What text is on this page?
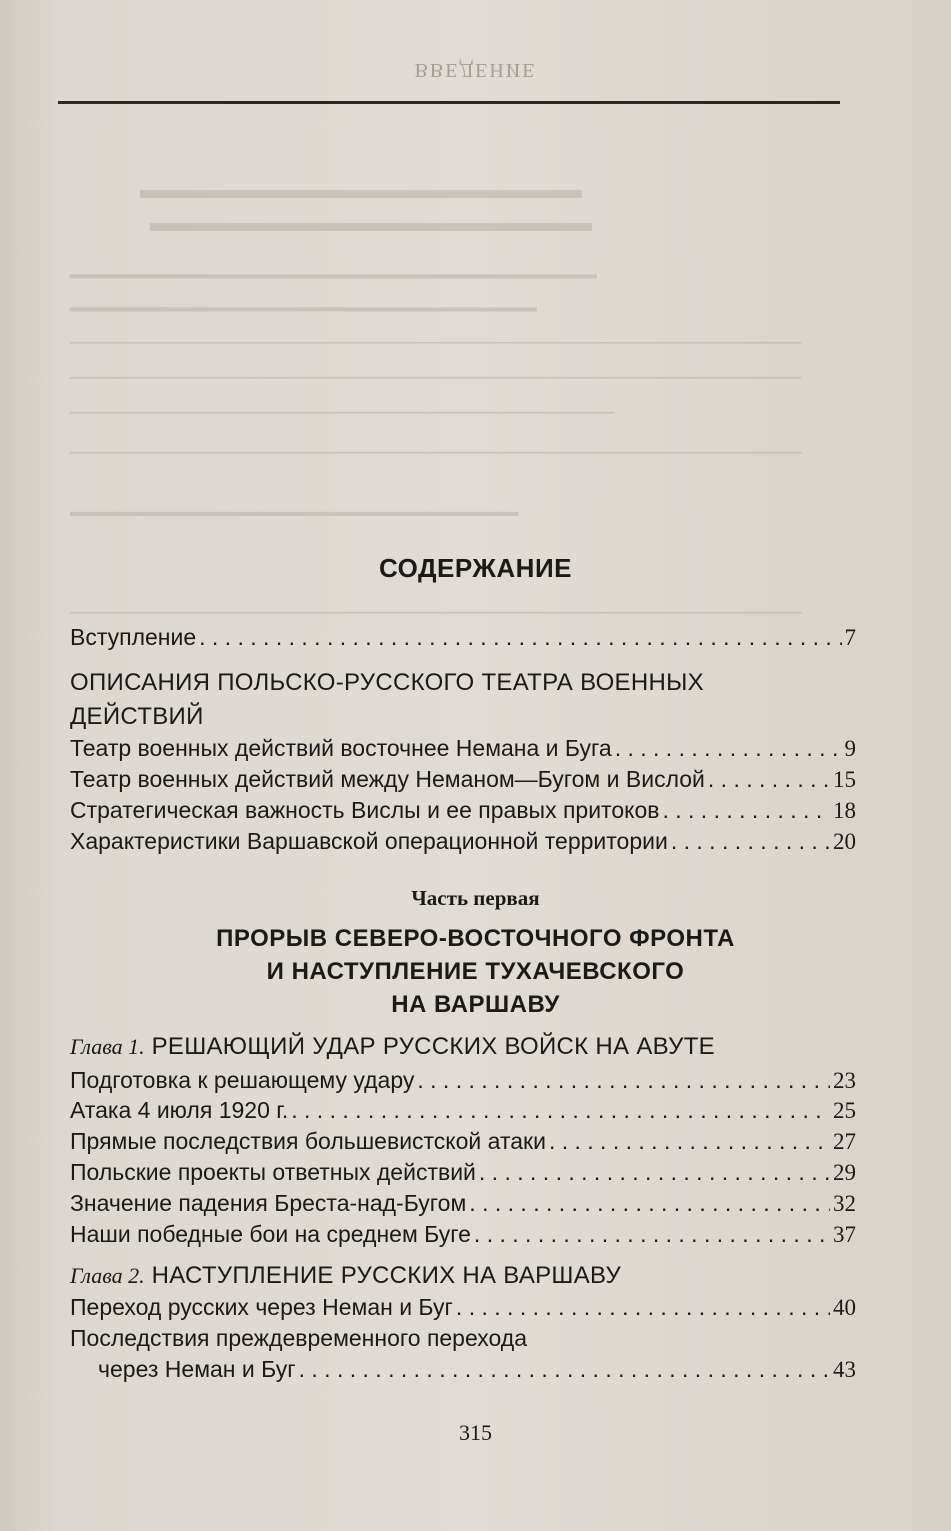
ВВЕДЕНИЕ
▬▬▬▬▬▬▬▬▬▬▬▬▬▬▬▬▬
▬▬▬▬▬▬▬▬▬▬▬▬▬▬▬▬▬
━━━━━━━━━━━━━━━━━━━━━━━━━━━━━━━━━━━
━━━━━━━━━━━━━━━━━━━━━━━━━━━━━━━
───────────────────────────────────────────
───────────────────────────────────────────
────────────────────────────────
───────────────────────────────────────────
━━━━━━━━━━━━━━━━━━━━━━━━━━━━━━━
───────────────────────────────────────────
СОДЕРЖАНИЕ
Вступление . . .	7
ОПИСАНИЯ ПОЛЬСКО-РУССКОГО ТЕАТРА ВОЕННЫХ
ДЕЙСТВИЙ
Театр военных действий восточнее Немана и Буга . . .	9
Театр военных действий между Неманом—Бугом и Вислой . . .	15
Стратегическая важность Вислы и ее правых притоков . . .	18
Характеристики Варшавской операционной территории . . .	20
Часть первая
ПРОРЫВ СЕВЕРО-ВОСТОЧНОГО ФРОНТА
И НАСТУПЛЕНИЕ ТУХАЧЕВСКОГО
НА ВАРШАВУ
Глава 1. РЕШАЮЩИЙ УДАР РУССКИХ ВОЙСК НА АВУТЕ
Подготовка к решающему удару . . .	23
Атака 4 июля 1920 г. . . .	25
Прямые последствия большевистской атаки . . .	27
Польские проекты ответных действий . . .	29
Значение падения Бреста-над-Бугом . . .	32
Наши победные бои на среднем Буге . . .	37
Глава 2. НАСТУПЛЕНИЕ РУССКИХ НА ВАРШАВУ
Переход русских через Неман и Буг . . .	40
Последствия преждевременного перехода
через Неман и Буг . . .	43
315
